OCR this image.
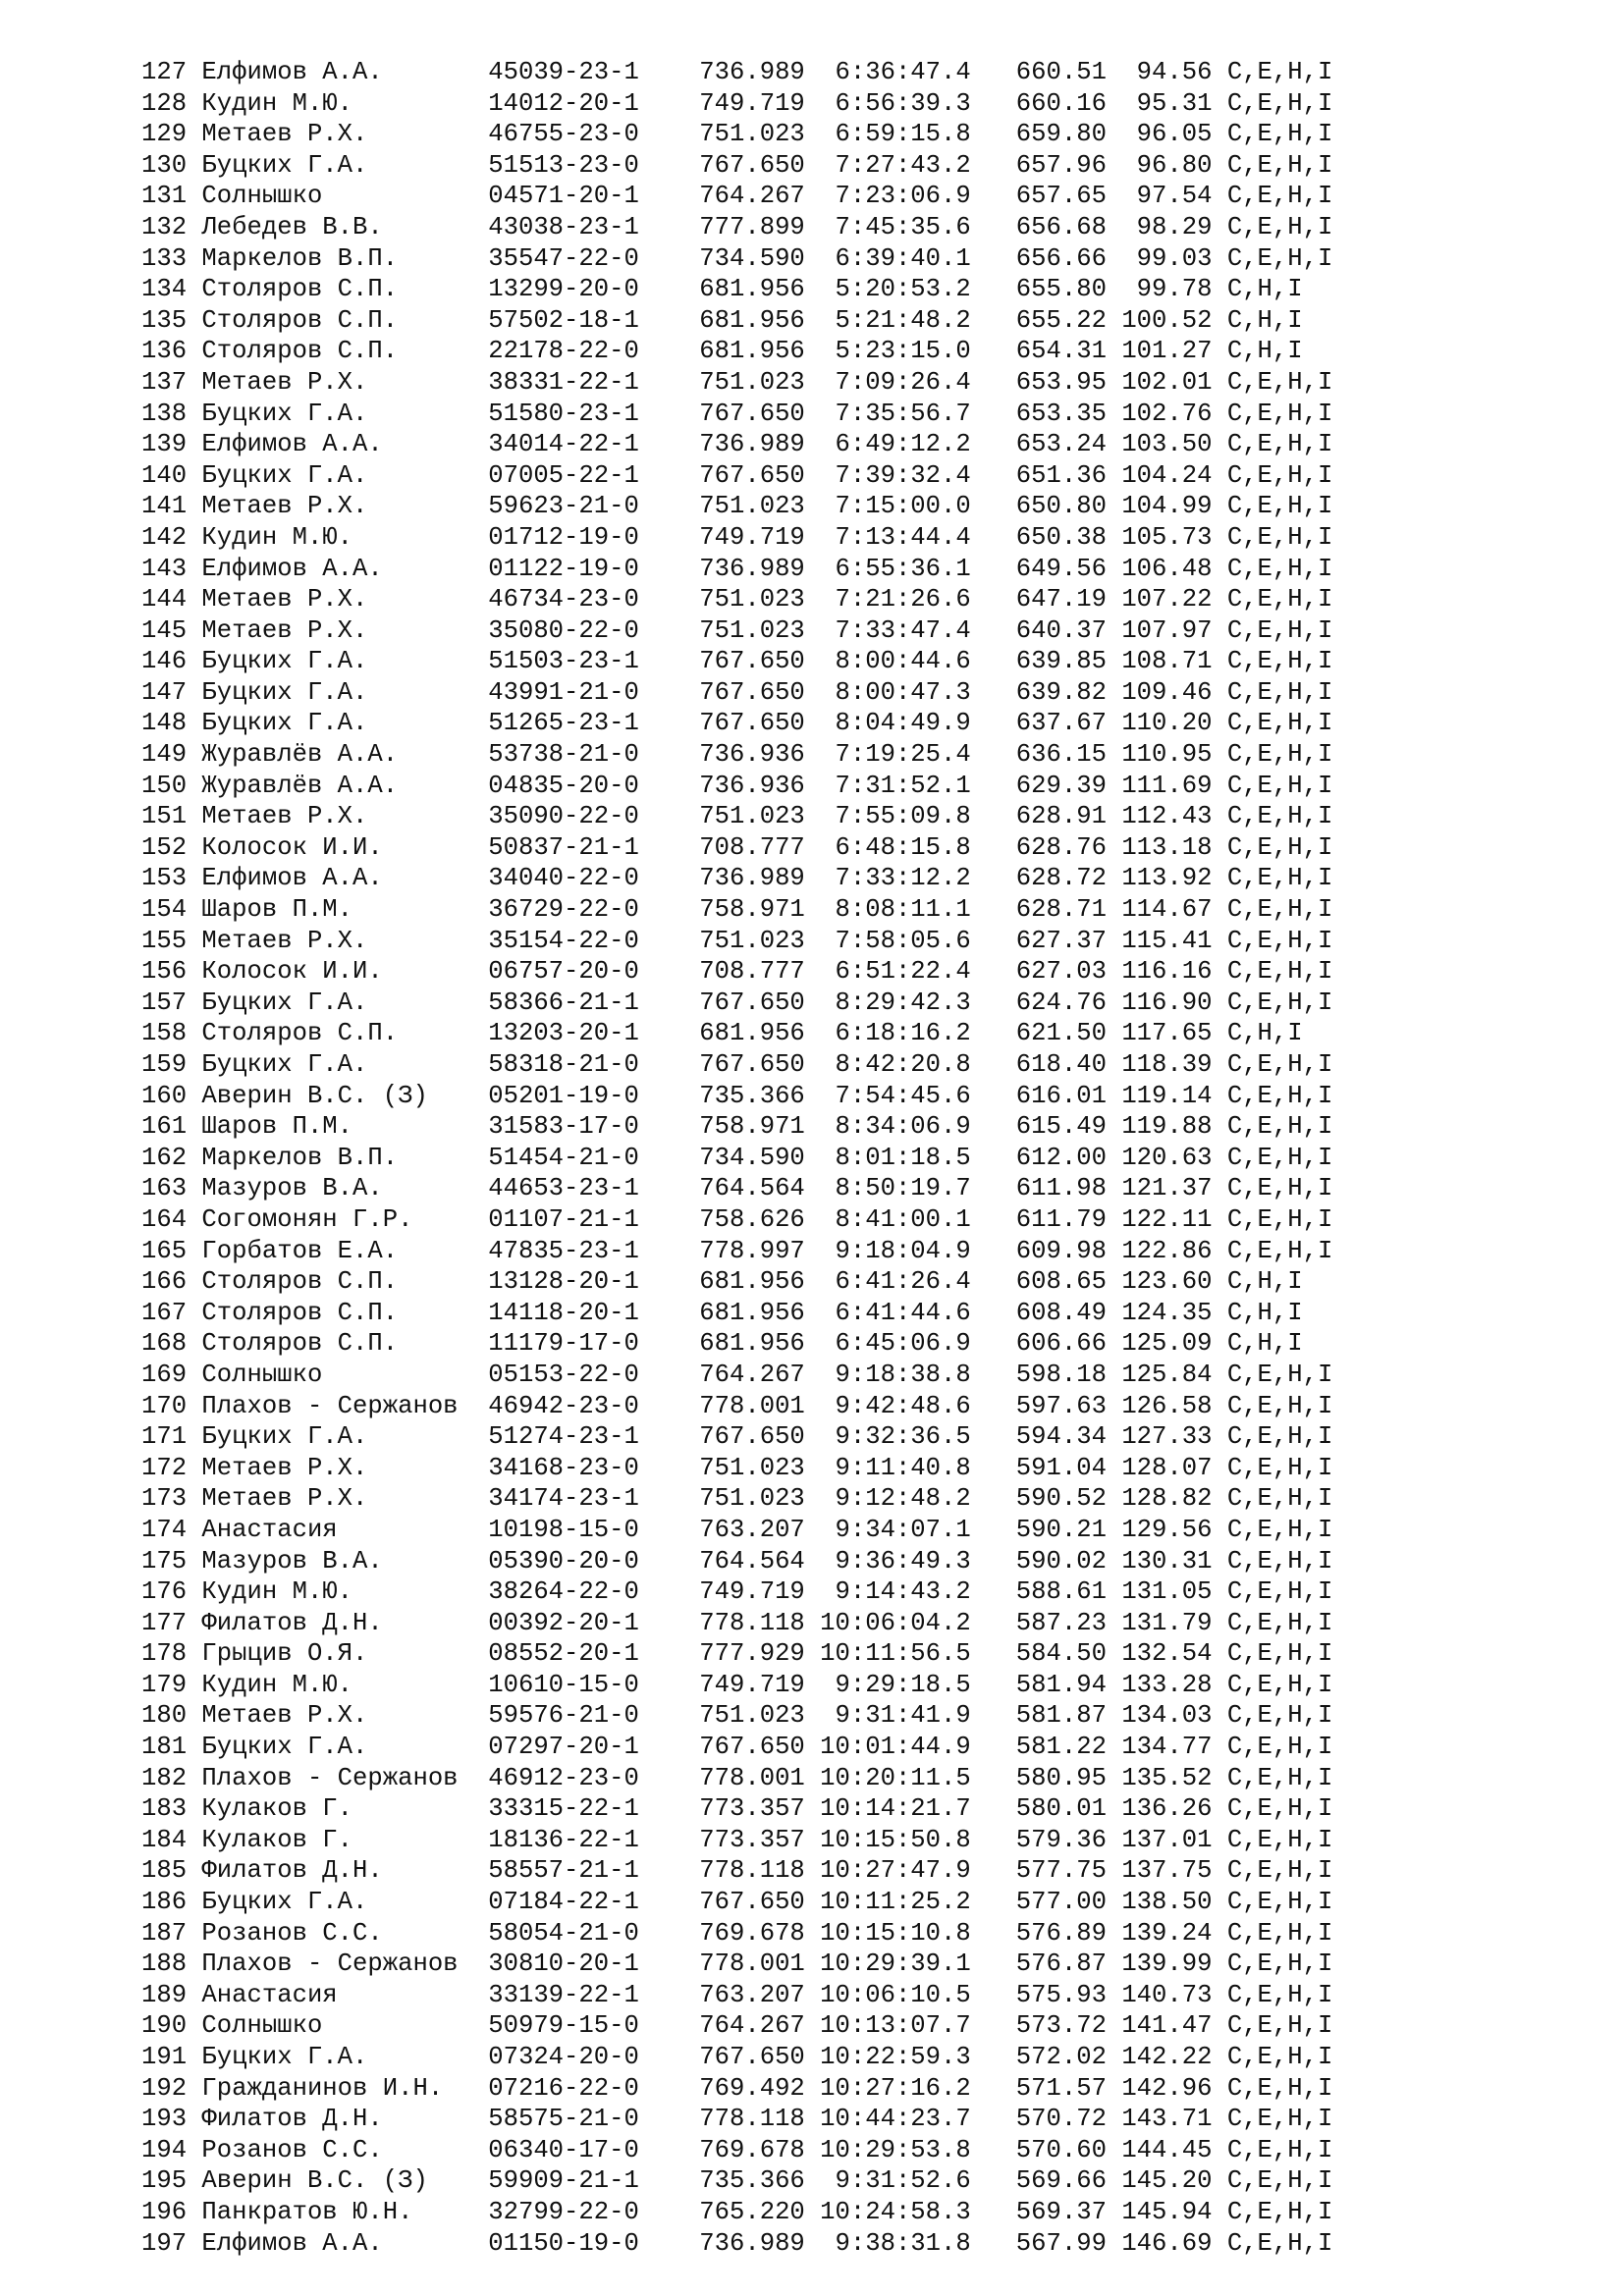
127 Елфимов А.А.       45039-23-1    736.989  6:36:47.4   660.51  94.56 C,E,H,I
128 Кудин М.Ю.         14012-20-1    749.719  6:56:39.3   660.16  95.31 C,E,H,I
129 Метаев Р.Х.        46755-23-0    751.023  6:59:15.8   659.80  96.05 C,E,H,I
130 Буцких Г.А.        51513-23-0    767.650  7:27:43.2   657.96  96.80 C,E,H,I
131 Солнышко           04571-20-1    764.267  7:23:06.9   657.65  97.54 C,E,H,I
132 Лебедев В.В.       43038-23-1    777.899  7:45:35.6   656.68  98.29 C,E,H,I
133 Маркелов В.П.      35547-22-0    734.590  6:39:40.1   656.66  99.03 C,E,H,I
134 Столяров С.П.      13299-20-0    681.956  5:20:53.2   655.80  99.78 C,H,I
135 Столяров С.П.      57502-18-1    681.956  5:21:48.2   655.22 100.52 C,H,I
136 Столяров С.П.      22178-22-0    681.956  5:23:15.0   654.31 101.27 C,H,I
137 Метаев Р.Х.        38331-22-1    751.023  7:09:26.4   653.95 102.01 C,E,H,I
138 Буцких Г.А.        51580-23-1    767.650  7:35:56.7   653.35 102.76 C,E,H,I
139 Елфимов А.А.       34014-22-1    736.989  6:49:12.2   653.24 103.50 C,E,H,I
140 Буцких Г.А.        07005-22-1    767.650  7:39:32.4   651.36 104.24 C,E,H,I
141 Метаев Р.Х.        59623-21-0    751.023  7:15:00.0   650.80 104.99 C,E,H,I
142 Кудин М.Ю.         01712-19-0    749.719  7:13:44.4   650.38 105.73 C,E,H,I
143 Елфимов А.А.       01122-19-0    736.989  6:55:36.1   649.56 106.48 C,E,H,I
144 Метаев Р.Х.        46734-23-0    751.023  7:21:26.6   647.19 107.22 C,E,H,I
145 Метаев Р.Х.        35080-22-0    751.023  7:33:47.4   640.37 107.97 C,E,H,I
146 Буцких Г.А.        51503-23-1    767.650  8:00:44.6   639.85 108.71 C,E,H,I
147 Буцких Г.А.        43991-21-0    767.650  8:00:47.3   639.82 109.46 C,E,H,I
148 Буцких Г.А.        51265-23-1    767.650  8:04:49.9   637.67 110.20 C,E,H,I
149 Журавлёв А.А.      53738-21-0    736.936  7:19:25.4   636.15 110.95 C,E,H,I
150 Журавлёв А.А.      04835-20-0    736.936  7:31:52.1   629.39 111.69 C,E,H,I
151 Метаев Р.Х.        35090-22-0    751.023  7:55:09.8   628.91 112.43 C,E,H,I
152 Колосок И.И.       50837-21-1    708.777  6:48:15.8   628.76 113.18 C,E,H,I
153 Елфимов А.А.       34040-22-0    736.989  7:33:12.2   628.72 113.92 C,E,H,I
154 Шаров П.М.         36729-22-0    758.971  8:08:11.1   628.71 114.67 C,E,H,I
155 Метаев Р.Х.        35154-22-0    751.023  7:58:05.6   627.37 115.41 C,E,H,I
156 Колосок И.И.       06757-20-0    708.777  6:51:22.4   627.03 116.16 C,E,H,I
157 Буцких Г.А.        58366-21-1    767.650  8:29:42.3   624.76 116.90 C,E,H,I
158 Столяров С.П.      13203-20-1    681.956  6:18:16.2   621.50 117.65 C,H,I
159 Буцких Г.А.        58318-21-0    767.650  8:42:20.8   618.40 118.39 C,E,H,I
160 Аверин В.С. (З)    05201-19-0    735.366  7:54:45.6   616.01 119.14 C,E,H,I
161 Шаров П.М.         31583-17-0    758.971  8:34:06.9   615.49 119.88 C,E,H,I
162 Маркелов В.П.      51454-21-0    734.590  8:01:18.5   612.00 120.63 C,E,H,I
163 Мазуров В.А.       44653-23-1    764.564  8:50:19.7   611.98 121.37 C,E,H,I
164 Согомонян Г.Р.     01107-21-1    758.626  8:41:00.1   611.79 122.11 C,E,H,I
165 Горбатов Е.А.      47835-23-1    778.997  9:18:04.9   609.98 122.86 C,E,H,I
166 Столяров С.П.      13128-20-1    681.956  6:41:26.4   608.65 123.60 C,H,I
167 Столяров С.П.      14118-20-1    681.956  6:41:44.6   608.49 124.35 C,H,I
168 Столяров С.П.      11179-17-0    681.956  6:45:06.9   606.66 125.09 C,H,I
169 Солнышко           05153-22-0    764.267  9:18:38.8   598.18 125.84 C,E,H,I
170 Плахов - Сержанов  46942-23-0    778.001  9:42:48.6   597.63 126.58 C,E,H,I
171 Буцких Г.А.        51274-23-1    767.650  9:32:36.5   594.34 127.33 C,E,H,I
172 Метаев Р.Х.        34168-23-0    751.023  9:11:40.8   591.04 128.07 C,E,H,I
173 Метаев Р.Х.        34174-23-1    751.023  9:12:48.2   590.52 128.82 C,E,H,I
174 Анастасия          10198-15-0    763.207  9:34:07.1   590.21 129.56 C,E,H,I
175 Мазуров В.А.       05390-20-0    764.564  9:36:49.3   590.02 130.31 C,E,H,I
176 Кудин М.Ю.         38264-22-0    749.719  9:14:43.2   588.61 131.05 C,E,H,I
177 Филатов Д.Н.       00392-20-1    778.118 10:06:04.2   587.23 131.79 C,E,H,I
178 Грыцив О.Я.        08552-20-1    777.929 10:11:56.5   584.50 132.54 C,E,H,I
179 Кудин М.Ю.         10610-15-0    749.719  9:29:18.5   581.94 133.28 C,E,H,I
180 Метаев Р.Х.        59576-21-0    751.023  9:31:41.9   581.87 134.03 C,E,H,I
181 Буцких Г.А.        07297-20-1    767.650 10:01:44.9   581.22 134.77 C,E,H,I
182 Плахов - Сержанов  46912-23-0    778.001 10:20:11.5   580.95 135.52 C,E,H,I
183 Кулаков Г.         33315-22-1    773.357 10:14:21.7   580.01 136.26 C,E,H,I
184 Кулаков Г.         18136-22-1    773.357 10:15:50.8   579.36 137.01 C,E,H,I
185 Филатов Д.Н.       58557-21-1    778.118 10:27:47.9   577.75 137.75 C,E,H,I
186 Буцких Г.А.        07184-22-1    767.650 10:11:25.2   577.00 138.50 C,E,H,I
187 Розанов С.С.       58054-21-0    769.678 10:15:10.8   576.89 139.24 C,E,H,I
188 Плахов - Сержанов  30810-20-1    778.001 10:29:39.1   576.87 139.99 C,E,H,I
189 Анастасия          33139-22-1    763.207 10:06:10.5   575.93 140.73 C,E,H,I
190 Солнышко           50979-15-0    764.267 10:13:07.7   573.72 141.47 C,E,H,I
191 Буцких Г.А.        07324-20-0    767.650 10:22:59.3   572.02 142.22 C,E,H,I
192 Гражданинов И.Н.   07216-22-0    769.492 10:27:16.2   571.57 142.96 C,E,H,I
193 Филатов Д.Н.       58575-21-0    778.118 10:44:23.7   570.72 143.71 C,E,H,I
194 Розанов С.С.       06340-17-0    769.678 10:29:53.8   570.60 144.45 C,E,H,I
195 Аверин В.С. (З)    59909-21-1    735.366  9:31:52.6   569.66 145.20 C,E,H,I
196 Панкратов Ю.Н.     32799-22-0    765.220 10:24:58.3   569.37 145.94 C,E,H,I
197 Елфимов А.А.       01150-19-0    736.989  9:38:31.8   567.99 146.69 C,E,H,I
